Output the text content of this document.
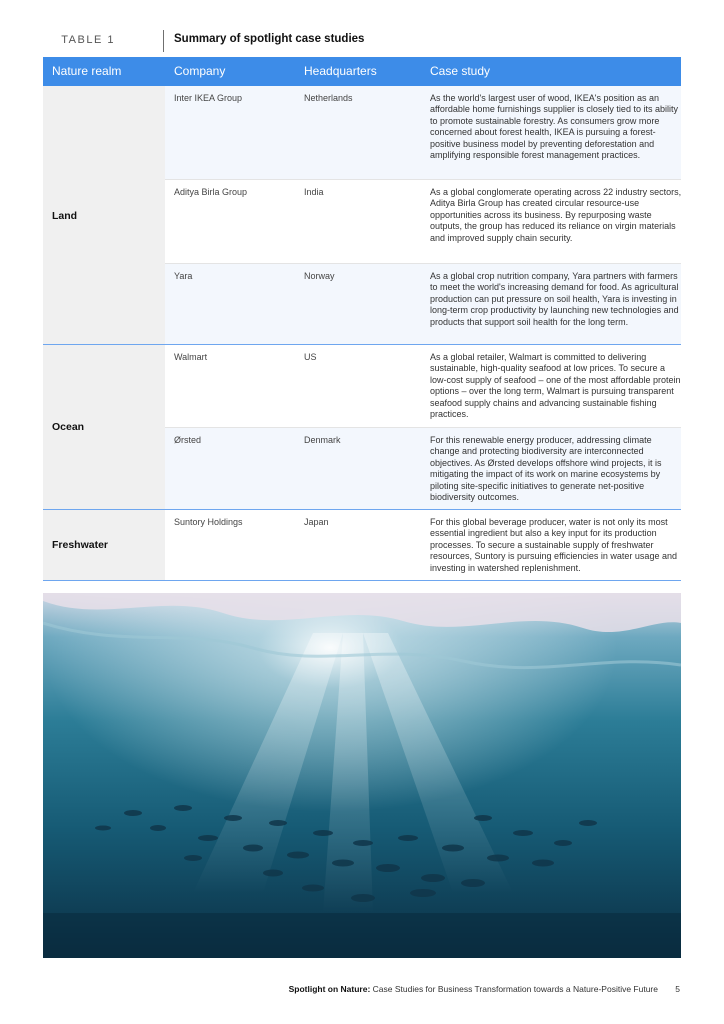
TABLE 1	Summary of spotlight case studies
Nature realm	Company	Headquarters	Case study
Land
Inter IKEA Group	Netherlands	As the world's largest user of wood, IKEA's position as an affordable home furnishings supplier is closely tied to its ability to promote sustainable forestry. As consumers grow more concerned about forest health, IKEA is pursuing a forest-positive business model by preventing deforestation and amplifying responsible forest management practices.
Aditya Birla Group	India	As a global conglomerate operating across 22 industry sectors, Aditya Birla Group has created circular resource-use opportunities across its business. By repurposing waste outputs, the group has reduced its reliance on virgin materials and improved supply chain security.
Yara	Norway	As a global crop nutrition company, Yara partners with farmers to meet the world's increasing demand for food. As agricultural production can put pressure on soil health, Yara is investing in long-term crop productivity by launching new technologies and products that support soil health for the long term.
Ocean
Walmart	US	As a global retailer, Walmart is committed to delivering sustainable, high-quality seafood at low prices. To secure a low-cost supply of seafood – one of the most affordable protein options – over the long term, Walmart is pursuing transparent seafood supply chains and advancing sustainable fishing practices.
Ørsted	Denmark	For this renewable energy producer, addressing climate change and protecting biodiversity are interconnected objectives. As Ørsted develops offshore wind projects, it is mitigating the impact of its work on marine ecosystems by piloting site-specific initiatives to generate net-positive biodiversity outcomes.
Freshwater
Suntory Holdings	Japan	For this global beverage producer, water is not only its most essential ingredient but also a key input for its production processes. To secure a sustainable supply of freshwater resources, Suntory is pursuing efficiencies in water usage and investing in watershed replenishment.
Spotlight on Nature: Case Studies for Business Transformation towards a Nature-Positive Future 5
